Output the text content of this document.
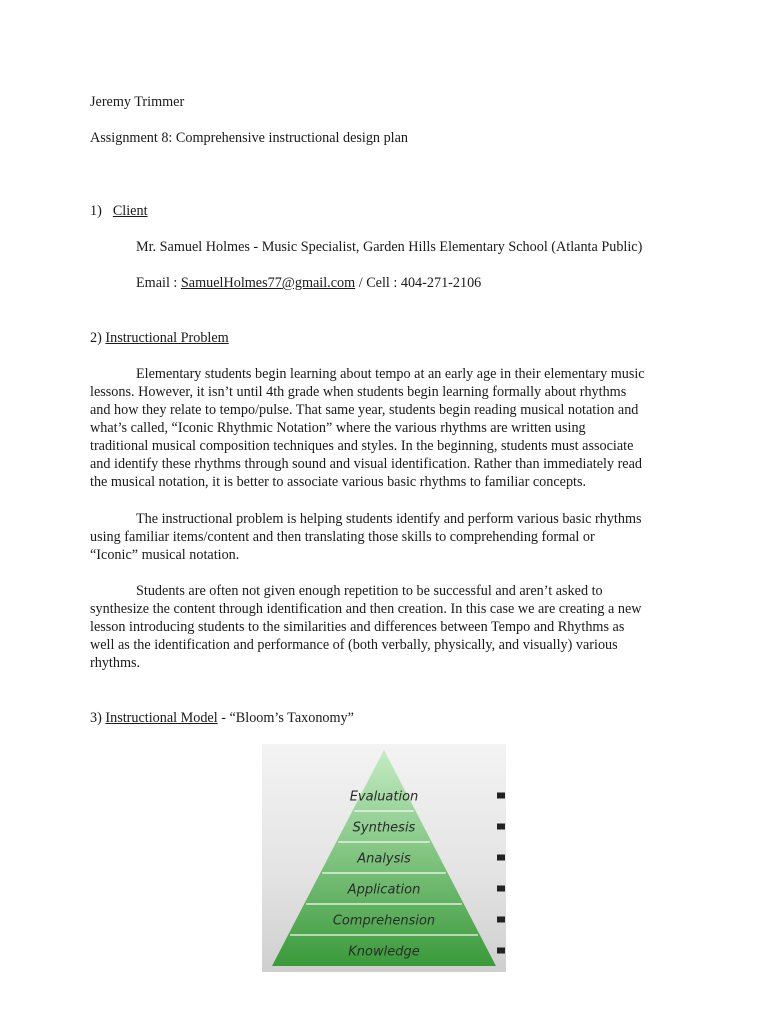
Jeremy Trimmer
Assignment 8: Comprehensive instructional design plan
1) Client
Mr. Samuel Holmes - Music Specialist, Garden Hills Elementary School (Atlanta Public)
Email : SamuelHolmes77@gmail.com / Cell : 404-271-2106
2) Instructional Problem
Elementary students begin learning about tempo at an early age in their elementary music
lessons. However, it isn’t until 4th grade when students begin learning formally about rhythms
and how they relate to tempo/pulse. That same year, students begin reading musical notation and
what’s called, “Iconic Rhythmic Notation” where the various rhythms are written using
traditional musical composition techniques and styles. In the beginning, students must associate
and identify these rhythms through sound and visual identification. Rather than immediately read
the musical notation, it is better to associate various basic rhythms to familiar concepts.
The instructional problem is helping students identify and perform various basic rhythms
using familiar items/content and then translating those skills to comprehending formal or
“Iconic” musical notation.
Students are often not given enough repetition to be successful and aren’t asked to
synthesize the content through identification and then creation. In this case we are creating a new
lesson introducing students to the similarities and differences between Tempo and Rhythms as
well as the identification and performance of (both verbally, physically, and visually) various
rhythms.
3) Instructional Model - “Bloom’s Taxonomy”
Evaluation
Synthesis
Analysis
Application
Comprehension
Knowledge
